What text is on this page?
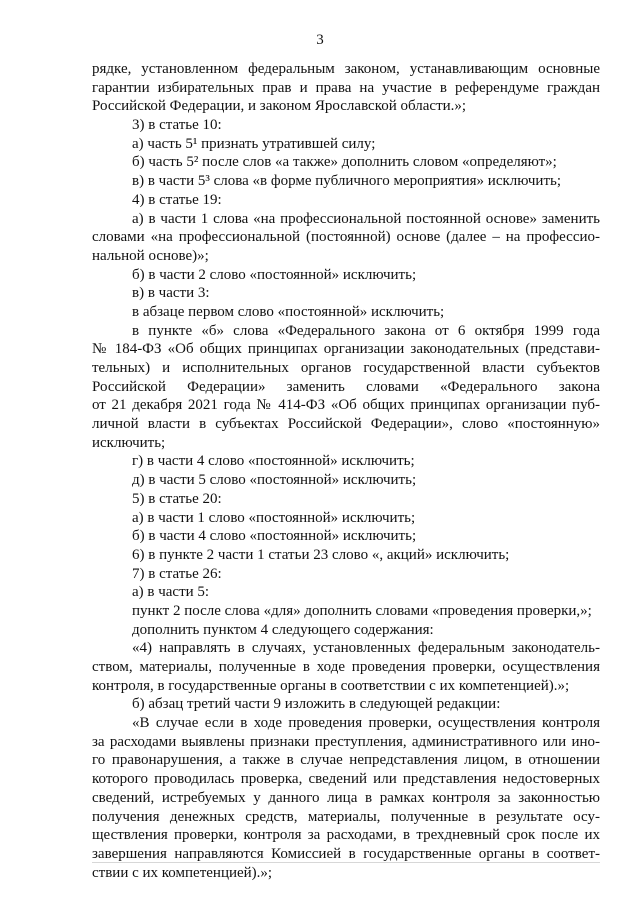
3
рядке, установленном федеральным законом, устанавливающим основные
гарантии избирательных прав и права на участие в референдуме граждан
Российской Федерации, и законом Ярославской области.»;
3) в статье 10:
а) часть 5¹ признать утратившей силу;
б) часть 5² после слов «а также» дополнить словом «определяют»;
в) в части 5³ слова «в форме публичного мероприятия» исключить;
4) в статье 19:
а) в части 1 слова «на профессиональной постоянной основе» заменить
словами «на профессиональной (постоянной) основе (далее – на профессио-
нальной основе)»;
б) в части 2 слово «постоянной» исключить;
в) в части 3:
в абзаце первом слово «постоянной» исключить;
в пункте «б» слова «Федерального закона от 6 октября 1999 года
№ 184-ФЗ «Об общих принципах организации законодательных (представи-
тельных) и исполнительных органов государственной власти субъектов
Российской Федерации» заменить словами «Федерального закона
от 21 декабря 2021 года № 414-ФЗ «Об общих принципах организации пуб-
личной власти в субъектах Российской Федерации», слово «постоянную»
исключить;
г) в части 4 слово «постоянной» исключить;
д) в части 5 слово «постоянной» исключить;
5) в статье 20:
а) в части 1 слово «постоянной» исключить;
б) в части 4 слово «постоянной» исключить;
6) в пункте 2 части 1 статьи 23 слово «, акций» исключить;
7) в статье 26:
а) в части 5:
пункт 2 после слова «для» дополнить словами «проведения проверки,»;
дополнить пунктом 4 следующего содержания:
«4) направлять в случаях, установленных федеральным законодатель-
ством, материалы, полученные в ходе проведения проверки, осуществления
контроля, в государственные органы в соответствии с их компетенцией).»;
б) абзац третий части 9 изложить в следующей редакции:
«В случае если в ходе проведения проверки, осуществления контроля
за расходами выявлены признаки преступления, административного или ино-
го правонарушения, а также в случае непредставления лицом, в отношении
которого проводилась проверка, сведений или представления недостоверных
сведений, истребуемых у данного лица в рамках контроля за законностью
получения денежных средств, материалы, полученные в результате осу-
ществления проверки, контроля за расходами, в трехдневный срок после их
завершения направляются Комиссией в государственные органы в соответ-
ствии с их компетенцией).»;
